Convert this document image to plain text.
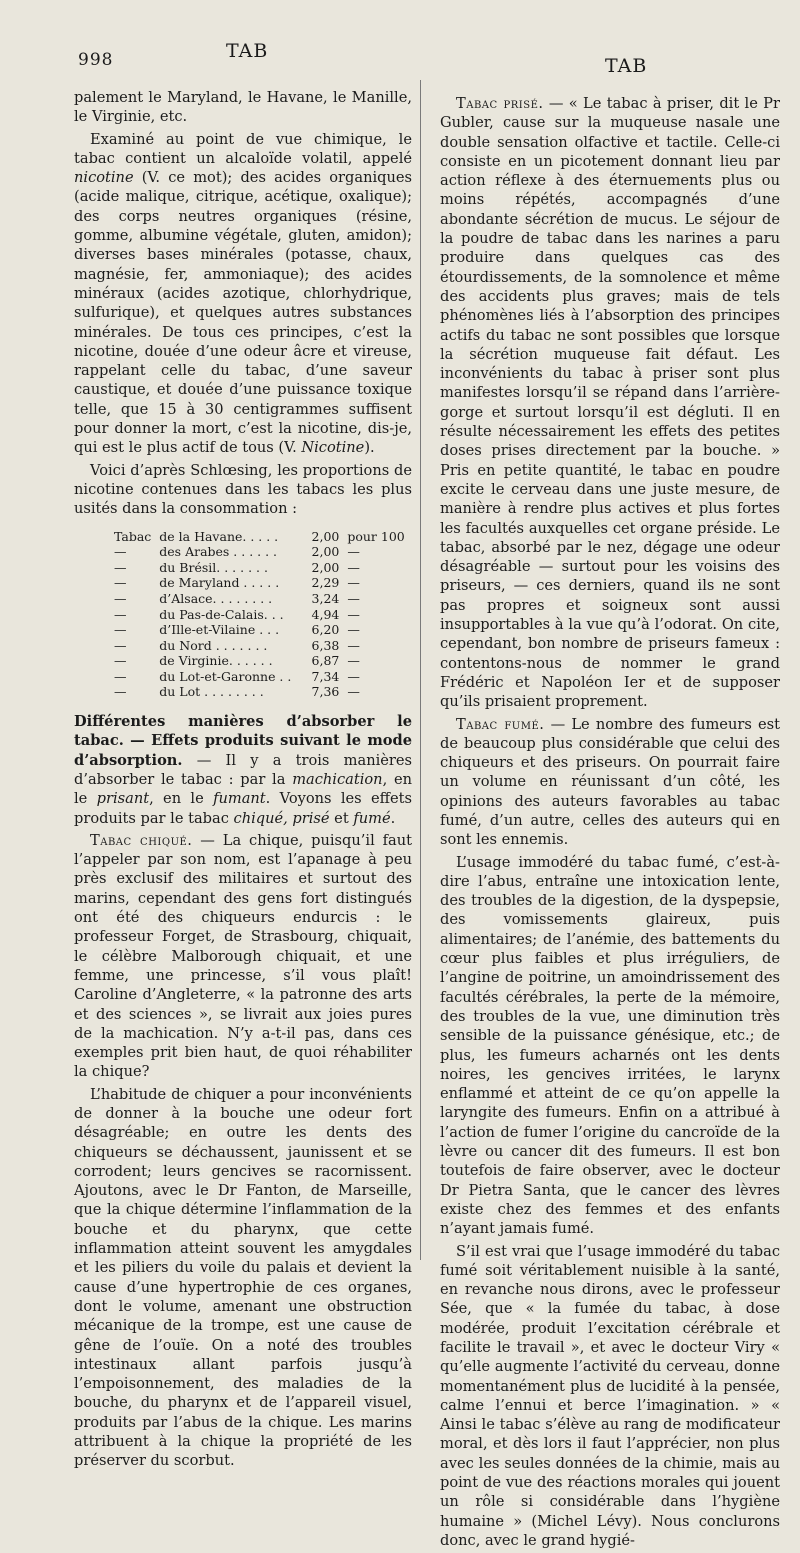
998	TAB
TAB

palement le Maryland, le Havane, le Manille, le Virginie, etc.

Examiné au point de vue chimique, le tabac contient un alcaloïde volatil, appelé nicotine (V. ce mot); des acides organiques (acide malique, citrique, acétique, oxalique); des corps neutres organiques (résine, gomme, albumine végétale, gluten, amidon); diverses bases minérales (potasse, chaux, magnésie, fer, ammoniaque); des acides minéraux (acides azotique, chlorhydrique, sulfurique), et quelques autres substances minérales. De tous ces principes, c’est la nicotine, douée d’une odeur âcre et vireuse, rappelant celle du tabac, d’une saveur caustique, et douée d’une puissance toxique telle, que 15 à 30 centigrammes suffisent pour donner la mort, c’est la nicotine, dis-je, qui est le plus actif de tous (V. Nicotine).

Voici d’après Schlœsing, les proportions de nicotine contenues dans les tabacs les plus usités dans la consommation :

Tabac	de la Havane. . . . .	2,00	pour 100
—	des Arabes . . . . . .	2,00	—
—	du Brésil. . . . . . .	2,00	—
—	de Maryland . . . . .	2,29	—
—	d’Alsace. . . . . . . .	3,24	—
—	du Pas-de-Calais. . .	4,94	—
—	d’Ille-et-Vilaine . . .	6,20	—
—	du Nord . . . . . . .	6,38	—
—	de Virginie. . . . . .	6,87	—
—	du Lot-et-Garonne . .	7,34	—
—	du Lot . . . . . . . .	7,36	—

Différentes manières d’absorber le tabac. — Effets produits suivant le mode d’absorption. — Il y a trois manières d’absorber le tabac : par la machication, en le prisant, en le fumant. Voyons les effets produits par le tabac chiqué, prisé et fumé.

Tabac chiqué. — La chique, puisqu’il faut l’appeler par son nom, est l’apanage à peu près exclusif des militaires et surtout des marins, cependant des gens fort distingués ont été des chiqueurs endurcis : le professeur Forget, de Strasbourg, chiquait, le célèbre Malborough chiquait, et une femme, une princesse, s’il vous plaît! Caroline d’Angleterre, « la patronne des arts et des sciences », se livrait aux joies pures de la machication. N’y a-t-il pas, dans ces exemples prit bien haut, de quoi réhabiliter la chique?

L’habitude de chiquer a pour inconvénients de donner à la bouche une odeur fort désagréable; en outre les dents des chiqueurs se déchaussent, jaunissent et se corrodent; leurs gencives se racornissent. Ajoutons, avec le Dr Fanton, de Marseille, que la chique détermine l’inflammation de la bouche et du pharynx, que cette inflammation atteint souvent les amygdales et les piliers du voile du palais et devient la cause d’une hypertrophie de ces organes, dont le volume, amenant une obstruction mécanique de la trompe, est une cause de gêne de l’ouïe. On a noté des troubles intestinaux allant parfois jusqu’à l’empoisonnement, des maladies de la bouche, du pharynx et de l’appareil visuel, produits par l’abus de la chique. Les marins attribuent à la chique la propriété de les préserver du scorbut.

Tabac prisé. — « Le tabac à priser, dit le Pr Gubler, cause sur la muqueuse nasale une double sensation olfactive et tactile. Celle-ci consiste en un picotement donnant lieu par action réflexe à des éternuements plus ou moins répétés, accompagnés d’une abondante sécrétion de mucus. Le séjour de la poudre de tabac dans les narines a paru produire dans quelques cas des étourdissements, de la somnolence et même des accidents plus graves; mais de tels phénomènes liés à l’absorption des principes actifs du tabac ne sont possibles que lorsque la sécrétion muqueuse fait défaut. Les inconvénients du tabac à priser sont plus manifestes lorsqu’il se répand dans l’arrière-gorge et surtout lorsqu’il est dégluti. Il en résulte nécessairement les effets des petites doses prises directement par la bouche. » Pris en petite quantité, le tabac en poudre excite le cerveau dans une juste mesure, de manière à rendre plus actives et plus fortes les facultés auxquelles cet organe préside. Le tabac, absorbé par le nez, dégage une odeur désagréable — surtout pour les voisins des priseurs, — ces derniers, quand ils ne sont pas propres et soigneux sont aussi insupportables à la vue qu’à l’odorat. On cite, cependant, bon nombre de priseurs fameux : contentons-nous de nommer le grand Frédéric et Napoléon Ier et de supposer qu’ils prisaient proprement.

Tabac fumé. — Le nombre des fumeurs est de beaucoup plus considérable que celui des chiqueurs et des priseurs. On pourrait faire un volume en réunissant d’un côté, les opinions des auteurs favorables au tabac fumé, d’un autre, celles des auteurs qui en sont les ennemis.

L’usage immodéré du tabac fumé, c’est-à-dire l’abus, entraîne une intoxication lente, des troubles de la digestion, de la dyspepsie, des vomissements glaireux, puis alimentaires; de l’anémie, des battements du cœur plus faibles et plus irréguliers, de l’angine de poitrine, un amoindrissement des facultés cérébrales, la perte de la mémoire, des troubles de la vue, une diminution très sensible de la puissance génésique, etc.; de plus, les fumeurs acharnés ont les dents noires, les gencives irritées, le larynx enflammé et atteint de ce qu’on appelle la laryngite des fumeurs. Enfin on a attribué à l’action de fumer l’origine du cancroïde de la lèvre ou cancer dit des fumeurs. Il est bon toutefois de faire observer, avec le docteur Dr Pietra Santa, que le cancer des lèvres existe chez des femmes et des enfants n’ayant jamais fumé.

S’il est vrai que l’usage immodéré du tabac fumé soit véritablement nuisible à la santé, en revanche nous dirons, avec le professeur Sée, que « la fumée du tabac, à dose modérée, produit l’excitation cérébrale et facilite le travail », et avec le docteur Viry « qu’elle augmente l’activité du cerveau, donne momentanément plus de lucidité à la pensée, calme l’ennui et berce l’imagination. » « Ainsi le tabac s’élève au rang de modificateur moral, et dès lors il faut l’apprécier, non plus avec les seules données de la chimie, mais au point de vue des réactions morales qui jouent un rôle si considérable dans l’hygiène humaine » (Michel Lévy). Nous conclurons donc, avec le grand hygié-
